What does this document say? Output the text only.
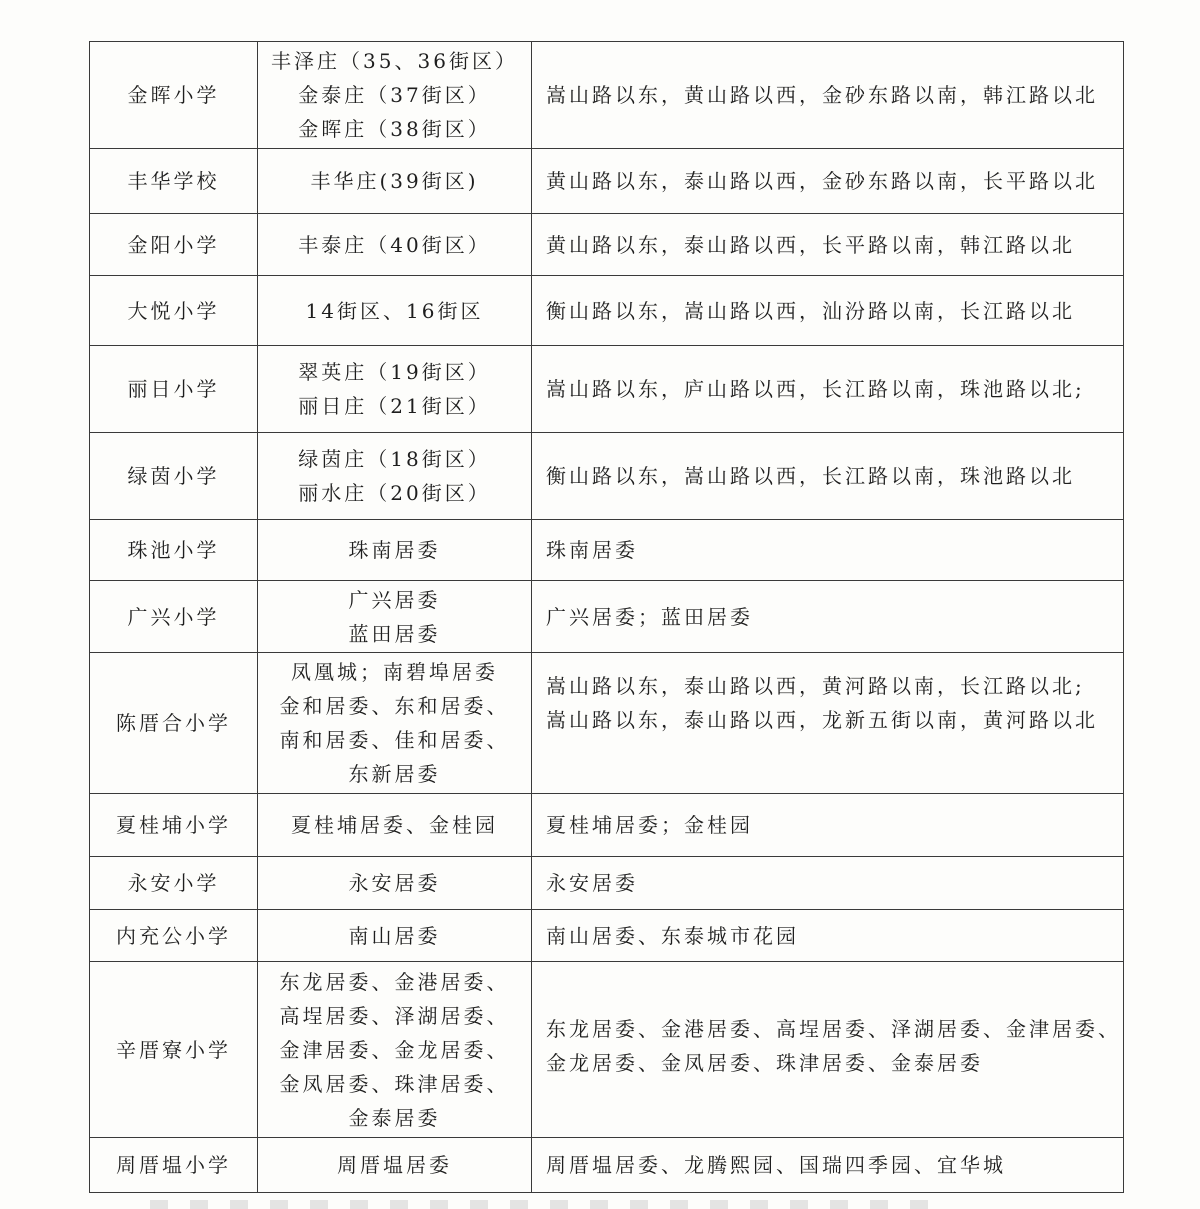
金晖小学	丰泽庄（35、36街区）
金泰庄（37街区）
金晖庄（38街区）	嵩山路以东，黄山路以西，金砂东路以南，韩江路以北

丰华学校	丰华庄(39街区)	黄山路以东，泰山路以西，金砂东路以南，长平路以北

金阳小学	丰泰庄（40街区）	黄山路以东，泰山路以西，长平路以南，韩江路以北

大悦小学	14街区、16街区	衡山路以东，嵩山路以西，汕汾路以南，长江路以北

丽日小学	翠英庄（19街区）
丽日庄（21街区）	嵩山路以东，庐山路以西，长江路以南，珠池路以北;

绿茵小学	绿茵庄（18街区）
丽水庄（20街区）	衡山路以东，嵩山路以西，长江路以南，珠池路以北

珠池小学	珠南居委	珠南居委

广兴小学	广兴居委
蓝田居委	广兴居委；蓝田居委

陈厝合小学	凤凰城；南碧埠居委
金和居委、东和居委、
南和居委、佳和居委、
东新居委	嵩山路以东，泰山路以西，黄河路以南，长江路以北;
嵩山路以东，泰山路以西，龙新五街以南，黄河路以北

夏桂埔小学	夏桂埔居委、金桂园	夏桂埔居委；金桂园

永安小学	永安居委	永安居委

内充公小学	南山居委	南山居委、东泰城市花园

辛厝寮小学	东龙居委、金港居委、
高埕居委、泽湖居委、
金津居委、金龙居委、
金凤居委、珠津居委、
金泰居委	东龙居委、金港居委、高埕居委、泽湖居委、金津居委、
金龙居委、金凤居委、珠津居委、金泰居委

周厝塭小学	周厝塭居委	周厝塭居委、龙腾熙园、国瑞四季园、宜华城
